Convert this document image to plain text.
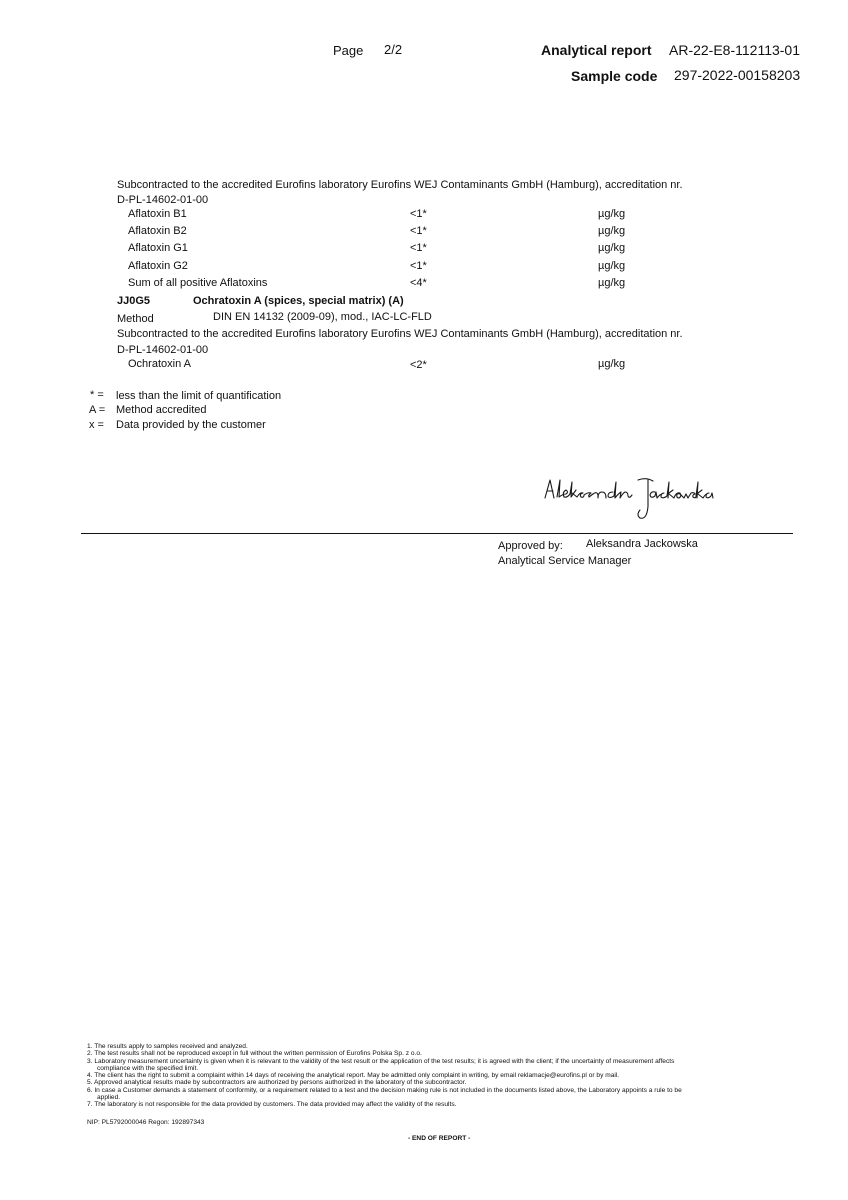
Page 2/2	Analytical report AR-22-E8-112113-01
Sample code 297-2022-00158203
Subcontracted to the accredited Eurofins laboratory Eurofins WEJ Contaminants GmbH (Hamburg), accreditation nr.
D-PL-14602-01-00
Aflatoxin B1	<1*	µg/kg
Aflatoxin B2	<1*	µg/kg
Aflatoxin G1	<1*	µg/kg
Aflatoxin G2	<1*	µg/kg
Sum of all positive Aflatoxins	<4*	µg/kg
JJ0G5	Ochratoxin A (spices, special matrix) (A)
Method	DIN EN 14132 (2009-09), mod., IAC-LC-FLD
Subcontracted to the accredited Eurofins laboratory Eurofins WEJ Contaminants GmbH (Hamburg), accreditation nr.
D-PL-14602-01-00
Ochratoxin A	<2*	µg/kg
* = less than the limit of quantification
A = Method accredited
x = Data provided by the customer
Approved by: Aleksandra Jackowska
Analytical Service Manager
1. The results apply to samples received and analyzed.
2. The test results shall not be reproduced except in full without the written permission of Eurofins Polska Sp. z o.o.
3. Laboratory measurement uncertainty is given when it is relevant to the validity of the test result or the application of the test results; it is agreed with the client; if the uncertainty of measurement affects
compliance with the specified limit.
4. The client has the right to submit a complaint within 14 days of receiving the analytical report. May be admitted only complaint in writing, by email reklamacje@eurofins.pl or by mail.
5. Approved analytical results made by subcontractors are authorized by persons authorized in the laboratory of the subcontractor.
6. In case a Customer demands a statement of conformity, or a requirement related to a test and the decision making rule is not included in the documents listed above, the Laboratory appoints a rule to be
applied.
7. The laboratory is not responsible for the data provided by customers. The data provided may affect the validity of the results.
NIP: PL5792000046 Regon: 192897343
- END OF REPORT -
